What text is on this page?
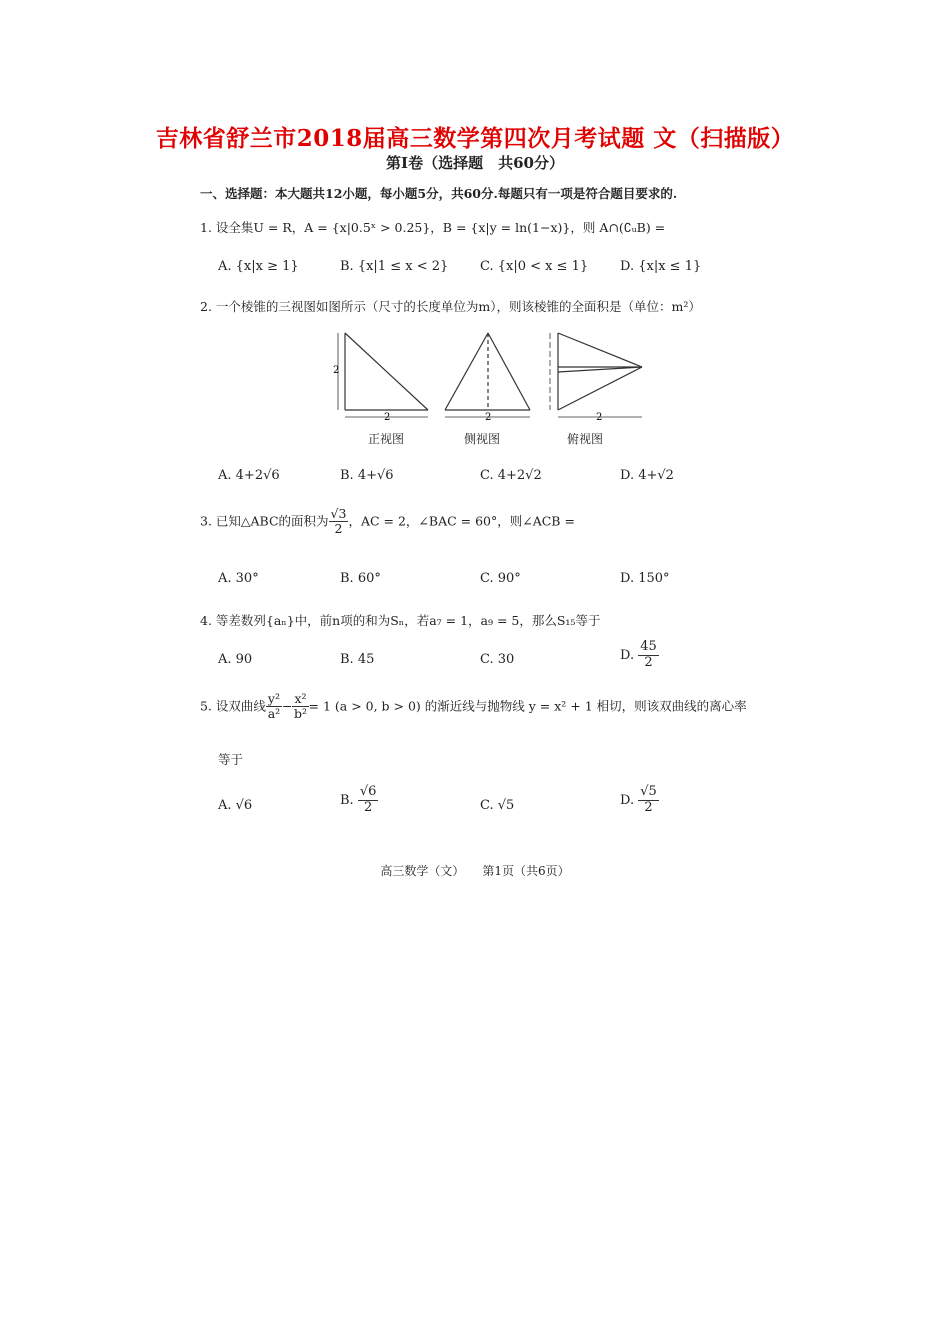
吉林省舒兰市2018届高三数学第四次月考试题 文（扫描版）
第Ⅰ卷（选择题　共60分）
一、选择题：本大题共12小题，每小题5分，共60分.每题只有一项是符合题目要求的.
1. 设全集U = R，A = {x|0.5ˣ > 0.25}，B = {x|y = ln(1−x)}，则 A∩(∁ᵤB) =
A. {x|x ≥ 1}	B. {x|1 ≤ x < 2} C. {x|0 < x ≤ 1} D. {x|x ≤ 1}
2. 一个棱锥的三视图如图所示（尺寸的长度单位为m），则该棱锥的全面积是（单位：m²）
2
2	2	2
正视图	侧视图	俯视图
A. 4+2√6	B. 4+√6	C. 4+2√2	D. 4+√2
3. 已知△ABC的面积为 $\frac{√3}{2}$ ，AC = 2，∠BAC = 60°，则∠ACB =
A. 30°	B. 60°	C. 90°	D. 150°
4. 等差数列{aₙ}中，前n项的和为Sₙ，若a₇ = 1，a₉ = 5，那么S₁₅等于
A. 90	B. 45	C. 30	D. $\frac{45}{2}$
5. 设双曲线 $\frac{\text{y²}}{\text{a²}} - \frac{\text{x²}}{\text{b²}} = 1$ (a > 0, b > 0) 的渐近线与抛物线 y = x² + 1 相切，则该双曲线的离心率
等于
A. √6	B. $\frac{√6}{2}$	C. √5	D. $\frac{√5}{2}$
高三数学（文）　　第1页（共6页）
